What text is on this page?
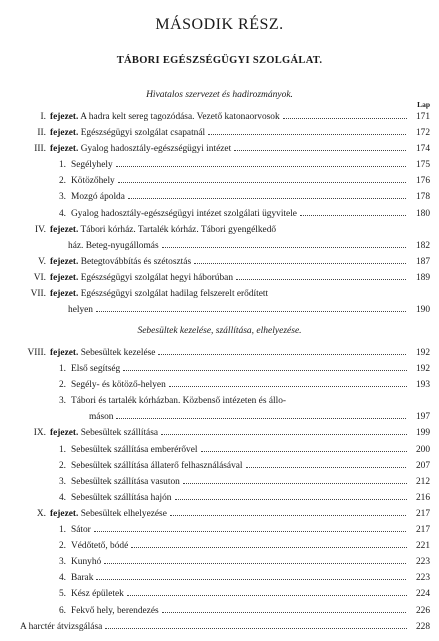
MÁSODIK RÉSZ.
TÁBORI EGÉSZSÉGÜGYI SZOLGÁLAT.
Hivatalos szervezet és hadirozmányok.
Lap
I. fejezet. A hadra kelt sereg tagozódása. Vezető katonaorvosok	171
II. fejezet. Egészségügyi szolgálat csapatnál	172
III. fejezet. Gyalog hadosztály-egészségügyi intézet	174
1. Segélyhely	175
2. Kötözőhely	176
3. Mozgó ápolda	178
4. Gyalog hadosztály-egészségügyi intézet szolgálati ügyvitele	180
IV. fejezet. Tábori kórház. Tartalék kórház. Tábori gyengélkedő
ház. Beteg-nyugállomás	182
V. fejezet. Betegtovábbítás és szétosztás	187
VI. fejezet. Egészségügyi szolgálat hegyi háborúban	189
VII. fejezet. Egészségügyi szolgálat hadilag felszerelt erődített
helyen	190
Sebesültek kezelése, szállítása, elhelyezése.
VIII. fejezet. Sebesültek kezelése	192
1. Első segítség	192
2. Segély- és kötöző-helyen	193
3. Tábori és tartalék kórházban. Közbenső intézeten és állo-
máson	197
IX. fejezet. Sebesültek szállítása	199
1. Sebesültek szállítása emberérővel	200
2. Sebesültek szállítása állaterő felhasználásával	207
3. Sebesültek szállítása vasuton	212
4. Sebesültek szállítása hajón	216
X. fejezet. Sebesültek elhelyezése	217
1. Sátor	217
2. Védőtető, bódé	221
3. Kunyhó	223
4. Barak	223
5. Kész épületek	224
6. Fekvő hely, berendezés	226
A harctér átvizsgálása	228
